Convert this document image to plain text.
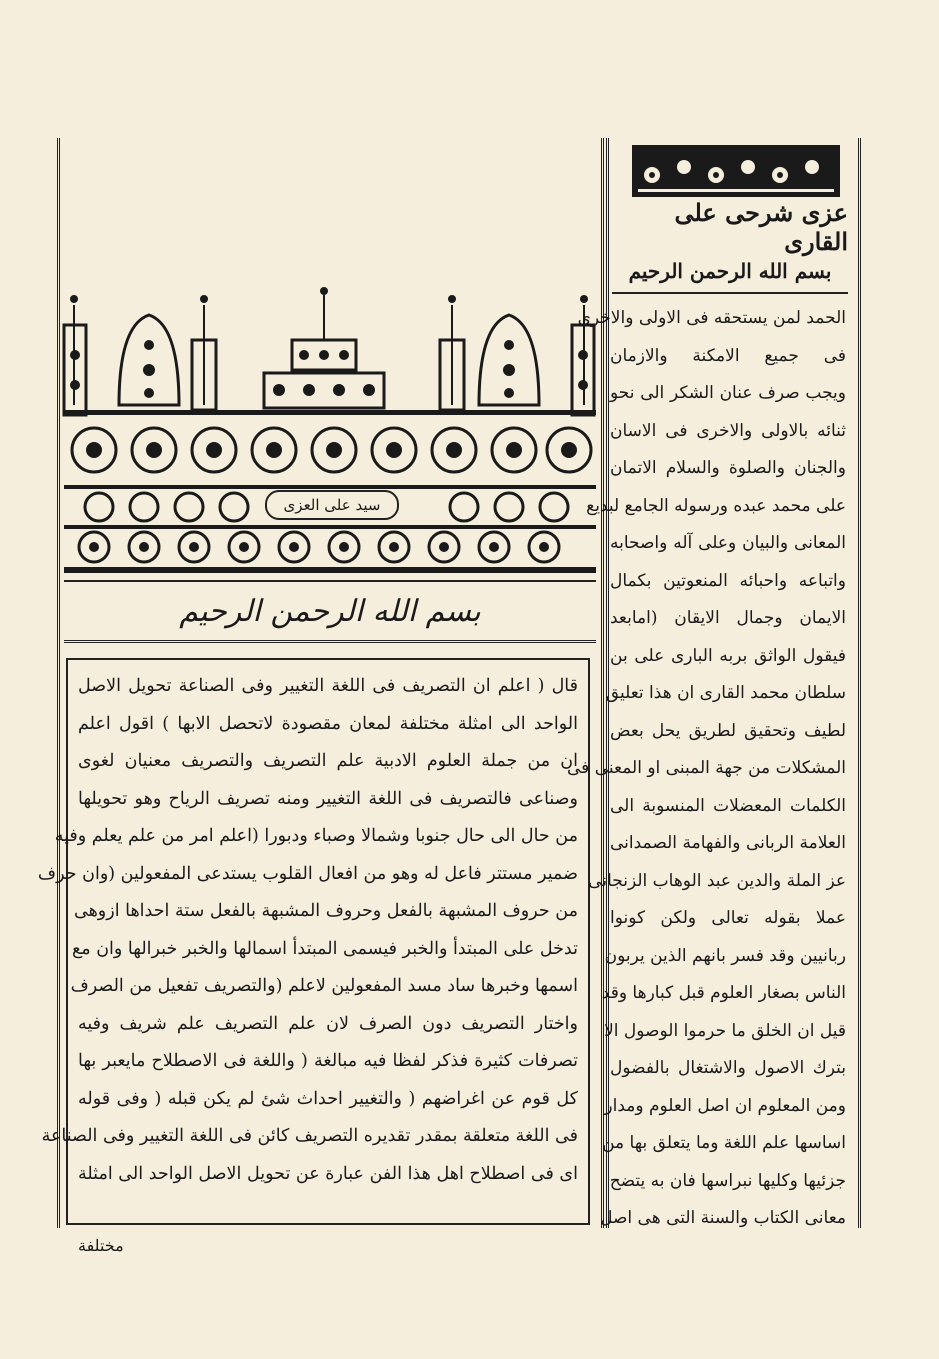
سيد على العزى
بسم الله الرحمن الرحيم
قال ( اعلم ان التصريف فى اللغة التغيير وفى الصناعة تحويل الاصل
الواحد الى امثلة مختلفة لمعان مقصودة لاتحصل الابها ) اقول اعلم
ان من جملة العلوم الادبية علم التصريف والتصريف معنيان لغوى
وصناعى فالتصريف فى اللغة التغيير ومنه تصريف الرياح وهو تحويلها
من حال الى حال جنوبا وشمالا وصباء ودبورا (اعلم امر من علم يعلم وفيه
ضمير مستتر فاعل له وهو من افعال القلوب يستدعى المفعولين (وان حرف
من حروف المشبهة بالفعل وحروف المشبهة بالفعل ستة احداها ازوهى
تدخل على المبتدأ والخبر فيسمى المبتدأ اسمالها والخبر خبرالها وان مع
اسمها وخبرها ساد مسد المفعولين لاعلم (والتصريف تفعيل من الصرف
واختار التصريف دون الصرف لان علم التصريف علم شريف وفيه
تصرفات كثيرة فذكر لفظا فيه مبالغة ( واللغة فى الاصطلاح مايعبر بها
كل قوم عن اغراضهم ( والتغيير احداث شئ لم يكن قبله ( وفى قوله
فى اللغة متعلقة بمقدر تقديره التصريف كائن فى اللغة التغيير وفى الصناعة
اى فى اصطلاح اهل هذا الفن عبارة عن تحويل الاصل الواحد الى امثلة
مختلفة
عزى شرحى على القارى
بسم الله الرحمن الرحيم
الحمد لمن يستحقه فى الاولى والاخرى
فى جميع الامكنة والازمان
ويجب صرف عنان الشكر الى نحو
ثنائه بالاولى والاخرى فى الاسان
والجنان والصلوة والسلام الاتمان
على محمد عبده ورسوله الجامع لبديع
المعانى والبيان وعلى آله واصحابه
واتباعه واحبائه المنعوتين بكمال
الايمان وجمال الايقان (امابعد
فيقول الواثق بربه البارى على بن
سلطان محمد القارى ان هذا تعليق
لطيف وتحقيق لطريق يحل بعض
المشكلات من جهة المبنى او المعنى فى
الكلمات المعضلات المنسوبة الى
العلامة الربانى والفهامة الصمدانى
عز الملة والدين عبد الوهاب الزنجانى
عملا بقوله تعالى ولكن كونوا
ربانيين وقد فسر بانهم الذين يربون
الناس بصغار العلوم قبل كبارها وقد
قيل ان الخلق ما حرموا الوصول الا
بترك الاصول والاشتغال بالفضول
ومن المعلوم ان اصل العلوم ومدار
اساسها علم اللغة وما يتعلق بها من
جزئيها وكليها نبراسها فان به يتضح
معانى الكتاب والسنة التى هى اصل
